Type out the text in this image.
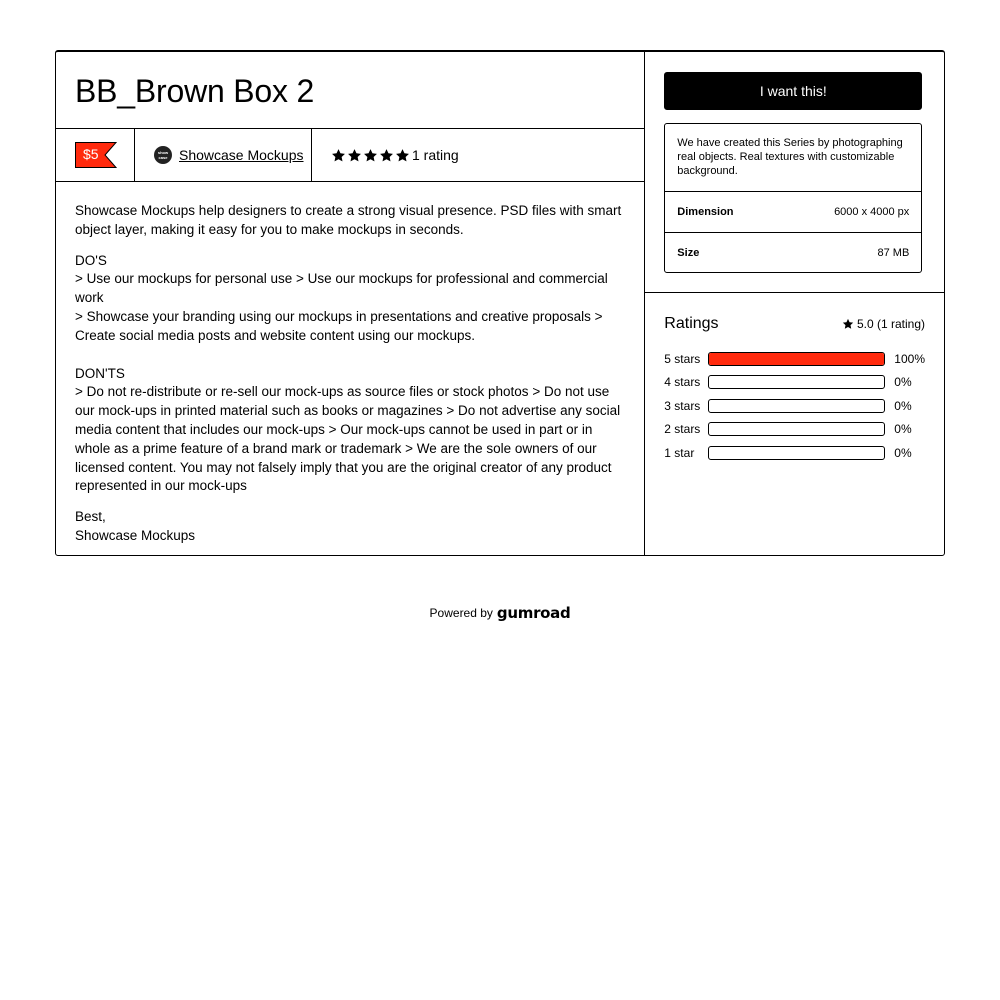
BB_Brown Box 2
$5	show case Showcase Mockups	1 rating

Showcase Mockups help designers to create a strong visual presence. PSD files with smart object layer, making it easy for you to make mockups in seconds.

DO'S
> Use our mockups for personal use > Use our mockups for professional and commercial work
> Showcase your branding using our mockups in presentations and creative proposals > Create social media posts and website content using our mockups.
DON'TS

> Do not re-distribute or re-sell our mock-ups as source files or stock photos > Do not use our mock-ups in printed material such as books or magazines > Do not advertise any social media content that includes our mock-ups > Our mock-ups cannot be used in part or in whole as a prime feature of a brand mark or trademark > We are the sole owners of our licensed content. You may not falsely imply that you are the original creator of any product represented in our mock-ups

Best,
Showcase Mockups
I want this!
We have created this Series by photographing real objects. Real textures with customizable background.
Dimension	6000 x 4000 px
Size	87 MB
Ratings	5.0 (1 rating)
5 stars	100%
4 stars	0%
3 stars	0%
2 stars	0%
1 star	0%
Powered by gumroad
